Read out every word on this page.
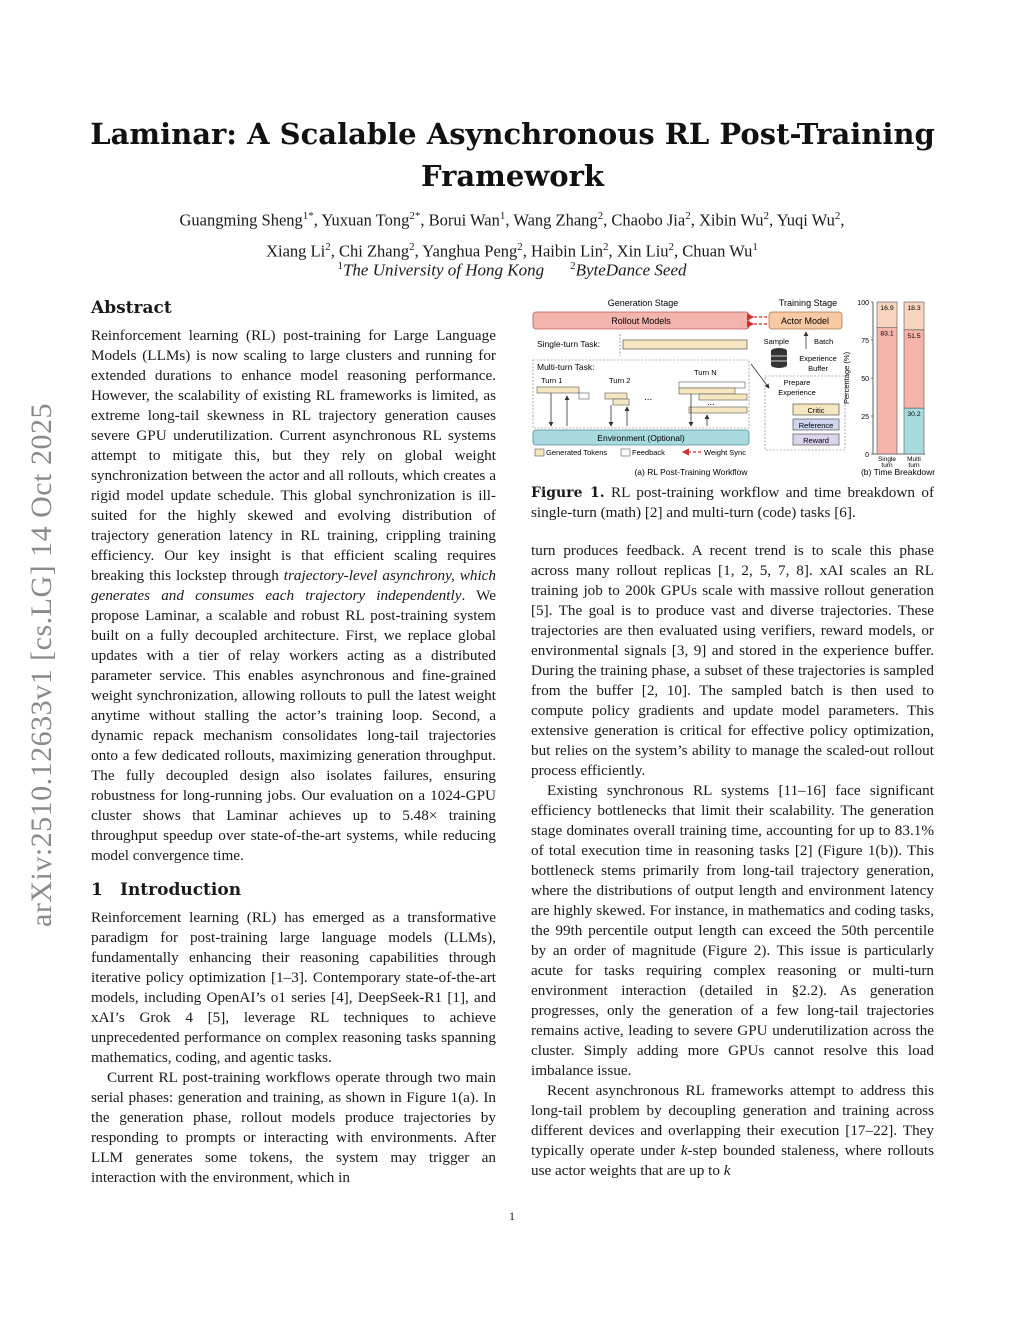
arXiv:2510.12633v1 [cs.LG] 14 Oct 2025
Laminar: A Scalable Asynchronous RL Post-Training Framework
Guangming Sheng$^{1*}$, Yuxuan Tong$^{2*}$, Borui Wan$^1$, Wang Zhang$^2$, Chaobo Jia$^2$, Xibin Wu$^2$, Yuqi Wu$^2$,
Xiang Li$^2$, Chi Zhang$^2$, Yanghua Peng$^2$, Haibin Lin$^2$, Xin Liu$^2$, Chuan Wu$^1$
$^1$The University of Hong Kong $^2$ByteDance Seed
Abstract

Reinforcement learning (RL) post-training for Large Language Models (LLMs) is now scaling to large clusters and running for extended durations to enhance model reasoning performance. However, the scalability of existing RL frameworks is limited, as extreme long-tail skewness in RL trajectory generation causes severe GPU underutilization. Current asynchronous RL systems attempt to mitigate this, but they rely on global weight synchronization between the actor and all rollouts, which creates a rigid model update schedule. This global synchronization is ill-suited for the highly skewed and evolving distribution of trajectory generation latency in RL training, crippling training efficiency. Our key insight is that efficient scaling requires breaking this lockstep through trajectory-level asynchrony, which generates and consumes each trajectory independently. We propose Laminar, a scalable and robust RL post-training system built on a fully decoupled architecture. First, we replace global updates with a tier of relay workers acting as a distributed parameter service. This enables asynchronous and fine-grained weight synchronization, allowing rollouts to pull the latest weight anytime without stalling the actor’s training loop. Second, a dynamic repack mechanism consolidates long-tail trajectories onto a few dedicated rollouts, maximizing generation throughput. The fully decoupled design also isolates failures, ensuring robustness for long-running jobs. Our evaluation on a 1024-GPU cluster shows that Laminar achieves up to 5.48× training throughput speedup over state-of-the-art systems, while reducing model convergence time.

1 Introduction

Reinforcement learning (RL) has emerged as a transformative paradigm for post-training large language models (LLMs), fundamentally enhancing their reasoning capabilities through iterative policy optimization [1–3]. Contemporary state-of-the-art models, including OpenAI’s o1 series [4], DeepSeek-R1 [1], and xAI’s Grok 4 [5], leverage RL techniques to achieve unprecedented performance on complex reasoning tasks spanning mathematics, coding, and agentic tasks.

Current RL post-training workflows operate through two main serial phases: generation and training, as shown in Figure 1(a). In the generation phase, rollout models produce trajectories by responding to prompts or interacting with environments. After LLM generates some tokens, the system may trigger an interaction with the environment, which in

Generation Stage	Training Stage
Rollout Models	Actor Model
Single-turn Task:
Multi-turn Task:
Turn 1	Turn 2
Turn N
...	...
Environment (Optional)
Sample	Batch
Experience
Buffer
Prepare
Experience
Critic
Reference
Reward
Generated Tokens	Feedback	Weight Sync
(a) RL Post-Training Workflow
0
25
50
75
100
Percentage (%)
Single
turn
Multi
turn
83.1
16.9
30.2
51.5
18.3
(b) Time Breakdown
Figure 1. RL post-training workflow and time breakdown of single-turn (math) [2] and multi-turn (code) tasks [6].

turn produces feedback. A recent trend is to scale this phase across many rollout replicas [1, 2, 5, 7, 8]. xAI scales an RL training job to 200k GPUs scale with massive rollout generation [5]. The goal is to produce vast and diverse trajectories. These trajectories are then evaluated using verifiers, reward models, or environmental signals [3, 9] and stored in the experience buffer. During the training phase, a subset of these trajectories is sampled from the buffer [2, 10]. The sampled batch is then used to compute policy gradients and update model parameters. This extensive generation is critical for effective policy optimization, but relies on the system’s ability to manage the scaled-out rollout process efficiently.

Existing synchronous RL systems [11–16] face significant efficiency bottlenecks that limit their scalability. The generation stage dominates overall training time, accounting for up to 83.1% of total execution time in reasoning tasks [2] (Figure 1(b)). This bottleneck stems primarily from long-tail trajectory generation, where the distributions of output length and environment latency are highly skewed. For instance, in mathematics and coding tasks, the 99th percentile output length can exceed the 50th percentile by an order of magnitude (Figure 2). This issue is particularly acute for tasks requiring complex reasoning or multi-turn environment interaction (detailed in §2.2). As generation progresses, only the generation of a few long-tail trajectories remains active, leading to severe GPU underutilization across the cluster. Simply adding more GPUs cannot resolve this load imbalance issue.

Recent asynchronous RL frameworks attempt to address this long-tail problem by decoupling generation and training across different devices and overlapping their execution [17–22]. They typically operate under k-step bounded staleness, where rollouts use actor weights that are up to k

1
